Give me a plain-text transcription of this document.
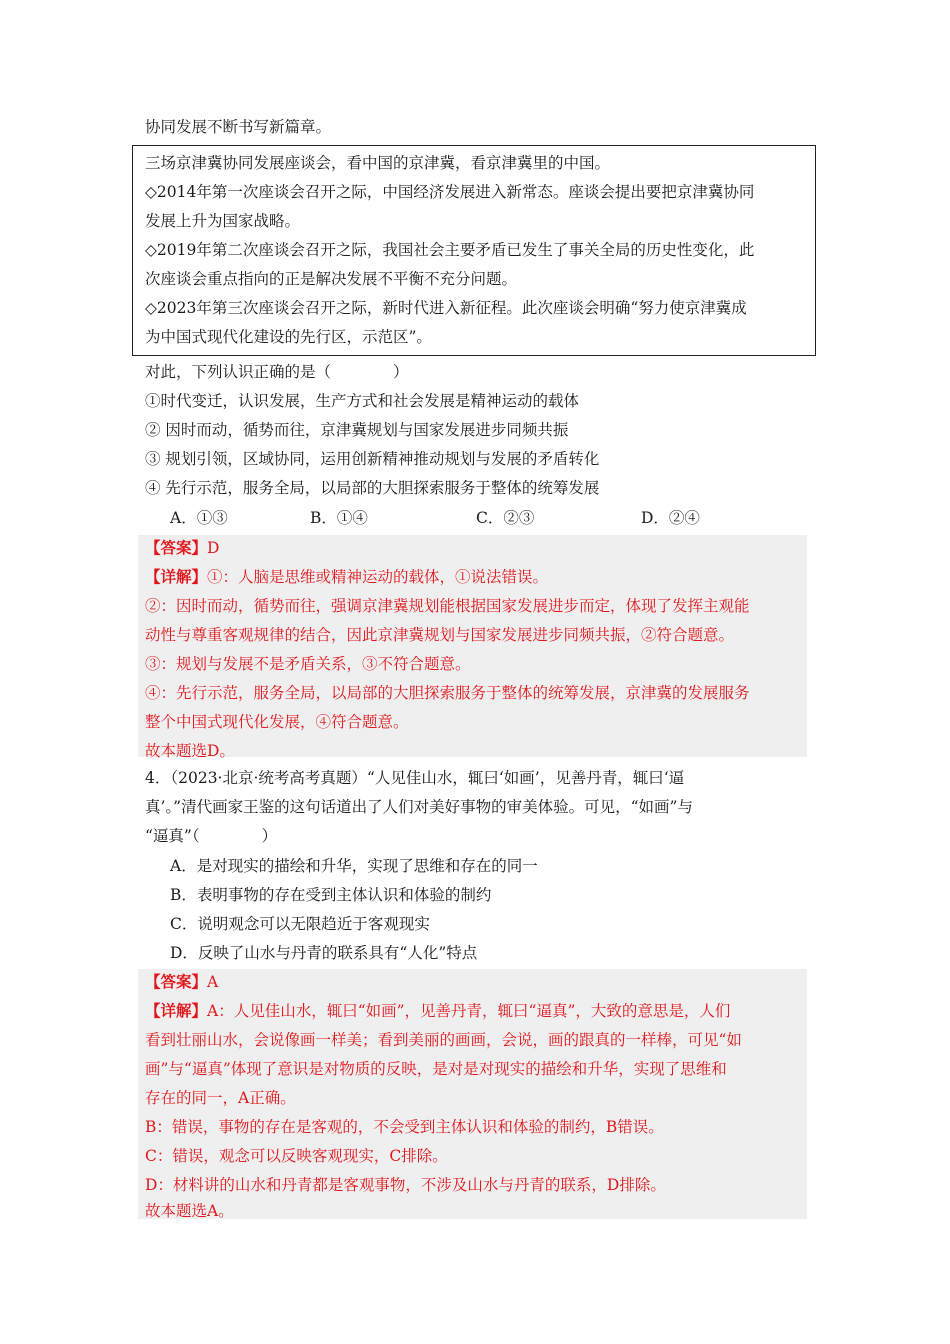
协同发展不断书写新篇章。
三场京津冀协同发展座谈会，看中国的京津冀，看京津冀里的中国。
◇2014年第一次座谈会召开之际，中国经济发展进入新常态。座谈会提出要把京津冀协同
发展上升为国家战略。
◇2019年第二次座谈会召开之际，我国社会主要矛盾已发生了事关全局的历史性变化，此
次座谈会重点指向的正是解决发展不平衡不充分问题。
◇2023年第三次座谈会召开之际，新时代进入新征程。此次座谈会明确“努力使京津冀成
为中国式现代化建设的先行区，示范区”。
对此，下列认识正确的是（　　　　）
①时代变迁，认识发展，生产方式和社会发展是精神运动的载体
② 因时而动，循势而往，京津冀规划与国家发展进步同频共振
③ 规划引领，区域协同，运用创新精神推动规划与发展的矛盾转化
④ 先行示范，服务全局，以局部的大胆探索服务于整体的统筹发展
A．①③	B．①④	C．②③	D．②④
【答案】D
【详解】①：人脑是思维或精神运动的载体，①说法错误。
②：因时而动，循势而往，强调京津冀规划能根据国家发展进步而定，体现了发挥主观能
动性与尊重客观规律的结合，因此京津冀规划与国家发展进步同频共振，②符合题意。
③：规划与发展不是矛盾关系，③不符合题意。
④：先行示范，服务全局，以局部的大胆探索服务于整体的统筹发展，京津冀的发展服务
整个中国式现代化发展，④符合题意。
故本题选D。
4．（2023·北京·统考高考真题）“人见佳山水，辄曰‘如画’，见善丹青，辄曰‘逼
真’。”清代画家王鉴的这句话道出了人们对美好事物的审美体验。可见，“如画”与
“逼真”（　　　　）
A．是对现实的描绘和升华，实现了思维和存在的同一
B．表明事物的存在受到主体认识和体验的制约
C．说明观念可以无限趋近于客观现实
D．反映了山水与丹青的联系具有“人化”特点
【答案】A
【详解】A：人见佳山水，辄曰“如画”，见善丹青，辄曰“逼真”，大致的意思是，人们
看到壮丽山水，会说像画一样美；看到美丽的画画，会说，画的跟真的一样棒，可见“如
画”与“逼真”体现了意识是对物质的反映，是对是对现实的描绘和升华，实现了思维和
存在的同一，A正确。
B：错误，事物的存在是客观的，不会受到主体认识和体验的制约，B错误。
C：错误，观念可以反映客观现实，C排除。
D：材料讲的山水和丹青都是客观事物，不涉及山水与丹青的联系，D排除。
故本题选A。
